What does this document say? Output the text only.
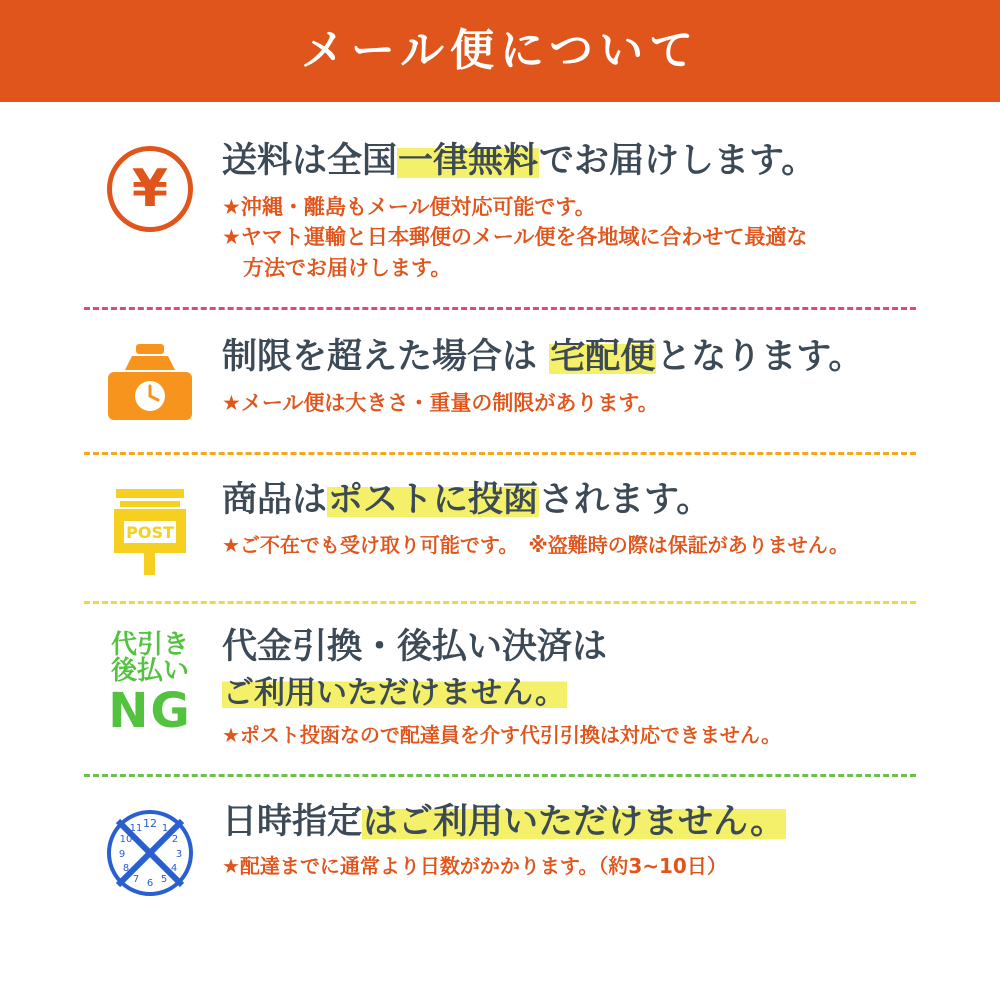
メール便について
¥ 送料は全国一律無料でお届けします。
★沖縄・離島もメール便対応可能です。
★ヤマト運輸と日本郵便のメール便を各地域に合わせて最適な
　方法でお届けします。
制限を超えた場合は 宅配便となります。
★メール便は大きさ・重量の制限があります。
POST
商品はポストに投函されます。
★ご不在でも受け取り可能です。　※盗難時の際は保証がありません。
代引き
後払い
NG
代金引換・後払い決済は
ご利用いただけません。
★ポスト投函なので配達員を介す代引引換は対応できません。
12 1
2
3
4
5
6
7
8
9
10
11 日時指定はご利用いただけません。
★配達までに通常より日数がかかります。（約3~10日）
